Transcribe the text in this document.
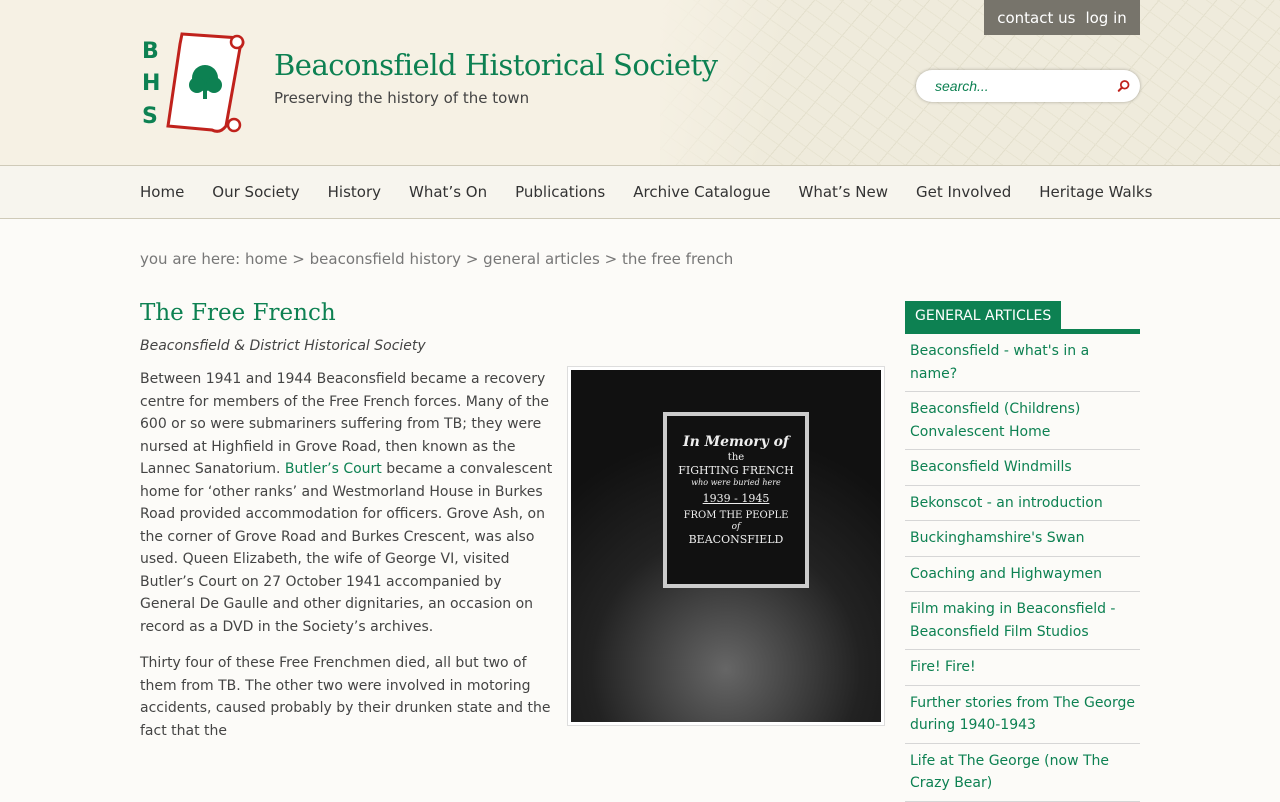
B
H
S
Beaconsfield Historical Society
Preserving the history of the town
contact us log in
search...
Home Our Society History What’s On Publications Archive Catalogue What’s New Get Involved Heritage Walks
you are here: home > beaconsfield history > general articles > the free french
The Free French
Beaconsfield & District Historical Society
In Memory of
the
FIGHTING FRENCH
who were buried here
1939 - 1945
FROM THE PEOPLE
of
BEACONSFIELD

Between 1941 and 1944 Beaconsfield became a recovery centre for members of the Free French forces. Many of the 600 or so were submariners suffering from TB; they were nursed at Highfield in Grove Road, then known as the Lannec Sanatorium. Butler’s Court became a convalescent home for ‘other ranks’ and Westmorland House in Burkes Road provided accommodation for officers. Grove Ash, on the corner of Grove Road and Burkes Crescent, was also used. Queen Elizabeth, the wife of George VI, visited Butler’s Court on 27 October 1941 accompanied by General De Gaulle and other dignitaries, an occasion on record as a DVD in the Society’s archives.

Thirty four of these Free Frenchmen died, all but two of them from TB. The other two were involved in motoring accidents, caused probably by their drunken state and the fact that the

GENERAL ARTICLES
Beaconsfield - what's in a name?
Beaconsfield (Childrens) Convalescent Home
Beaconsfield Windmills
Bekonscot - an introduction
Buckinghamshire's Swan
Coaching and Highwaymen
Film making in Beaconsfield - Beaconsfield Film Studios
Fire! Fire!
Further stories from The George during 1940-1943
Life at The George (now The Crazy Bear)
